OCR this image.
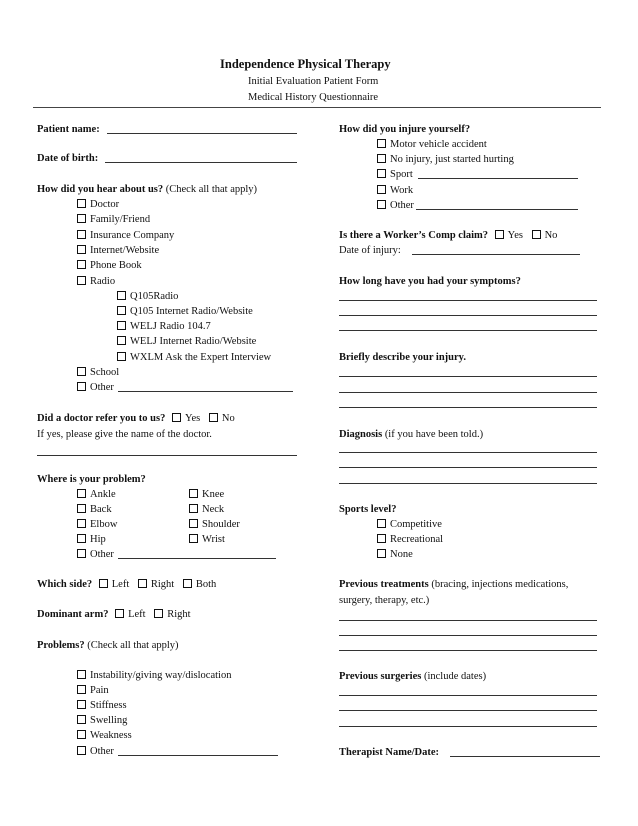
Independence Physical Therapy
Initial Evaluation Patient Form
Medical History Questionnaire
Patient name:
Date of birth:
How did you hear about us? (Check all that apply)
Doctor
Family/Friend
Insurance Company
Internet/Website
Phone Book
Radio
Q105Radio
Q105 Internet Radio/Website
WELJ Radio 104.7
WELJ Internet Radio/Website
WXLM Ask the Expert Interview
School
Other
Did a doctor refer you to us? Yes No
If yes, please give the name of the doctor.
Where is your problem?
Ankle
Back
Elbow
Hip
Knee
Neck
Shoulder
Wrist
Other
Which side? Left Right Both
Dominant arm? Left Right
Problems? (Check all that apply)
Instability/giving way/dislocation
Pain
Stiffness
Swelling
Weakness
Other
How did you injure yourself?
Motor vehicle accident
No injury, just started hurting
Sport
Work
Other
Is there a Worker’s Comp claim? Yes No
Date of injury:
How long have you had your symptoms?
Briefly describe your injury.
Diagnosis (if you have been told.)
Sports level?
Competitive
Recreational
None
Previous treatments (bracing, injections medications,
surgery, therapy, etc.)
Previous surgeries (include dates)
Therapist Name/Date:
